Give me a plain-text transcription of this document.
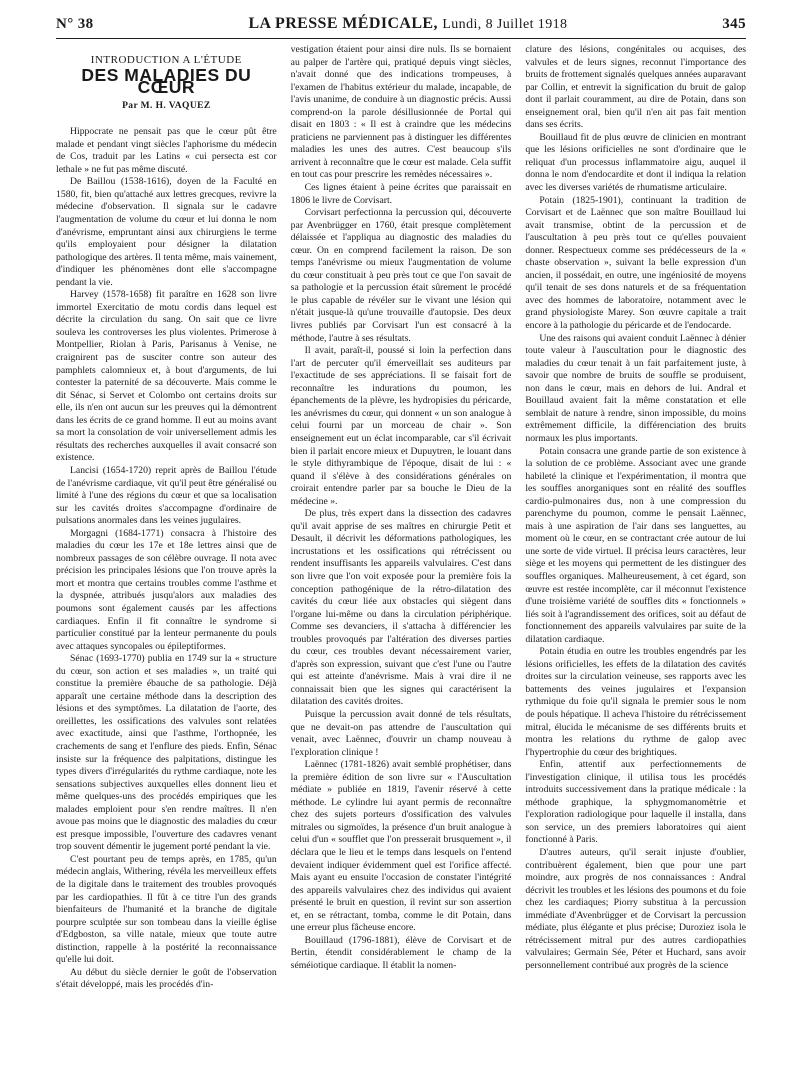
N° 38	LA PRESSE MÉDICALE, Lundi, 8 Juillet 1918	345
INTRODUCTION A L'ÉTUDE
DES MALADIES DU CŒUR
Par M. H. VAQUEZ

Hippocrate ne pensait pas que le cœur pût être malade et pendant vingt siècles l'aphorisme du médecin de Cos, traduit par les Latins « cui persecta est cor lethale » ne fut pas même discuté.

De Baillou (1538-1616), doyen de la Faculté en 1580, fit, bien qu'attaché aux lettres grecques, revivre la médecine d'observation. Il signala sur le cadavre l'augmentation de volume du cœur et lui donna le nom d'anévrisme, empruntant ainsi aux chirurgiens le terme qu'ils employaient pour désigner la dilatation pathologique des artères. Il tenta même, mais vainement, d'indiquer les phénomènes dont elle s'accompagne pendant la vie.

Harvey (1578-1658) fit paraître en 1628 son livre immortel Exercitatio de motu cordis dans lequel est décrite la circulation du sang. On sait que ce livre souleva les controverses les plus violentes. Primerose à Montpellier, Riolan à Paris, Parisanus à Venise, ne craignirent pas de susciter contre son auteur des pamphlets calomnieux et, à bout d'arguments, de lui contester la paternité de sa découverte. Mais comme le dit Sénac, si Servet et Colombo ont certains droits sur elle, ils n'en ont aucun sur les preuves qui la démontrent dans les écrits de ce grand homme. Il eut au moins avant sa mort la consolation de voir universellement admis les résultats des recherches auxquelles il avait consacré son existence.

Lancisi (1654-1720) reprit après de Baillou l'étude de l'anévrisme cardiaque, vit qu'il peut être généralisé ou limité à l'une des régions du cœur et que sa localisation sur les cavités droites s'accompagne d'ordinaire de pulsations anormales dans les veines jugulaires.

Morgagni (1684-1771) consacra à l'histoire des maladies du cœur les 17e et 18e lettres ainsi que de nombreux passages de son célèbre ouvrage. Il nota avec précision les principales lésions que l'on trouve après la mort et montra que certains troubles comme l'asthme et la dyspnée, attribués jusqu'alors aux maladies des poumons sont également causés par les affections cardiaques. Enfin il fit connaître le syndrome si particulier constitué par la lenteur permanente du pouls avec attaques syncopales ou épileptiformes.

Sénac (1693-1770) publia en 1749 sur la « structure du cœur, son action et ses maladies », un traité qui constitue la première ébauche de sa pathologie. Déjà apparaît une certaine méthode dans la description des lésions et des symptômes. La dilatation de l'aorte, des oreillettes, les ossifications des valvules sont relatées avec exactitude, ainsi que l'asthme, l'orthopnée, les crachements de sang et l'enflure des pieds. Enfin, Sénac insiste sur la fréquence des palpitations, distingue les types divers d'irrégularités du rythme cardiaque, note les sensations subjectives auxquelles elles donnent lieu et même quelques-uns des procédés empiriques que les malades emploient pour s'en rendre maîtres. Il n'en avoue pas moins que le diagnostic des maladies du cœur est presque impossible, l'ouverture des cadavres venant trop souvent démentir le jugement porté pendant la vie.

C'est pourtant peu de temps après, en 1785, qu'un médecin anglais, Withering, révéla les merveilleux effets de la digitale dans le traitement des troubles provoqués par les cardiopathies. Il fût à ce titre l'un des grands bienfaiteurs de l'humanité et la branche de digitale pourpre sculptée sur son tombeau dans la vieille église d'Edgboston, sa ville natale, mieux que toute autre distinction, rappelle à la postérité la reconnaissance qu'elle lui doit.

Au début du siècle dernier le goût de l'observation s'était développé, mais les procédés d'in-

vestigation étaient pour ainsi dire nuls. Ils se bornaient au palper de l'artère qui, pratiqué depuis vingt siècles, n'avait donné que des indications trompeuses, à l'examen de l'habitus extérieur du malade, incapable, de l'avis unanime, de conduire à un diagnostic précis. Aussi comprend-on la parole désillusionnée de Portal qui disait en 1803 : « Il est à craindre que les médecins praticiens ne parviennent pas à distinguer les différentes maladies les unes des autres. C'est beaucoup s'ils arrivent à reconnaître que le cœur est malade. Cela suffit en tout cas pour prescrire les remèdes nécessaires ».

Ces lignes étaient à peine écrites que paraissait en 1806 le livre de Corvisart.

Corvisart perfectionna la percussion qui, découverte par Avenbrügger en 1760, était presque complètement délaissée et l'appliqua au diagnostic des maladies du cœur. On en comprend facilement la raison. De son temps l'anévrisme ou mieux l'augmentation de volume du cœur constituait à peu près tout ce que l'on savait de sa pathologie et la percussion était sûrement le procédé le plus capable de révéler sur le vivant une lésion qui n'était jusque-là qu'une trouvaille d'autopsie. Des deux livres publiés par Corvisart l'un est consacré à la méthode, l'autre à ses résultats.

Il avait, paraît-il, poussé si loin la perfection dans l'art de percuter qu'il émerveillait ses auditeurs par l'exactitude de ses appréciations. Il se faisait fort de reconnaître les indurations du poumon, les épanchements de la plèvre, les hydropisies du péricarde, les anévrismes du cœur, qui donnent « un son analogue à celui fourni par un morceau de chair ». Son enseignement eut un éclat incomparable, car s'il écrivait bien il parlait encore mieux et Dupuytren, le louant dans le style dithyrambique de l'époque, disait de lui : « quand il s'élève à des considérations générales on croirait entendre parler par sa bouche le Dieu de la médecine ».

De plus, très expert dans la dissection des cadavres qu'il avait apprise de ses maîtres en chirurgie Petit et Desault, il décrivit les déformations pathologiques, les incrustations et les ossifications qui rétrécissent ou rendent insuffisants les appareils valvulaires. C'est dans son livre que l'on voit exposée pour la première fois la conception pathogénique de la rétro-dilatation des cavités du cœur liée aux obstacles qui siègent dans l'organe lui-même ou dans la circulation périphérique. Comme ses devanciers, il s'attacha à différencier les troubles provoqués par l'altération des diverses parties du cœur, ces troubles devant nécessairement varier, d'après son expression, suivant que c'est l'une ou l'autre qui est atteinte d'anévrisme. Mais à vrai dire il ne connaissait bien que les signes qui caractérisent la dilatation des cavités droites.

Puisque la percussion avait donné de tels résultats, que ne devait-on pas attendre de l'auscultation qui venait, avec Laënnec, d'ouvrir un champ nouveau à l'exploration clinique !

Laënnec (1781-1826) avait semblé prophétiser, dans la première édition de son livre sur « l'Auscultation médiate » publiée en 1819, l'avenir réservé à cette méthode. Le cylindre lui ayant permis de reconnaître chez des sujets porteurs d'ossification des valvules mitrales ou sigmoïdes, la présence d'un bruit analogue à celui d'un « soufflet que l'on presserait brusquement », il déclara que le lieu et le temps dans lesquels on l'entend devaient indiquer évidemment quel est l'orifice affecté. Mais ayant eu ensuite l'occasion de constater l'intégrité des appareils valvulaires chez des individus qui avaient présenté le bruit en question, il revint sur son assertion et, en se rétractant, tomba, comme le dit Potain, dans une erreur plus fâcheuse encore.

Bouillaud (1796-1881), élève de Corvisart et de Bertin, étendit considérablement le champ de la séméiotique cardiaque. Il établit la nomen-

clature des lésions, congénitales ou acquises, des valvules et de leurs signes, reconnut l'importance des bruits de frottement signalés quelques années auparavant par Collin, et entrevit la signification du bruit de galop dont il parlait couramment, au dire de Potain, dans son enseignement oral, bien qu'il n'en ait pas fait mention dans ses écrits.

Bouillaud fit de plus œuvre de clinicien en montrant que les lésions orificielles ne sont d'ordinaire que le reliquat d'un processus inflammatoire aigu, auquel il donna le nom d'endocardite et dont il indiqua la relation avec les diverses variétés de rhumatisme articulaire.

Potain (1825-1901), continuant la tradition de Corvisart et de Laënnec que son maître Bouillaud lui avait transmise, obtint de la percussion et de l'auscultation à peu près tout ce qu'elles pouvaient donner. Respectueux comme ses prédécesseurs de la « chaste observation », suivant la belle expression d'un ancien, il possédait, en outre, une ingéniosité de moyens qu'il tenait de ses dons naturels et de sa fréquentation avec des hommes de laboratoire, notamment avec le grand physiologiste Marey. Son œuvre capitale a trait encore à la pathologie du péricarde et de l'endocarde.

Une des raisons qui avaient conduit Laënnec à dénier toute valeur à l'auscultation pour le diagnostic des maladies du cœur tenait à un fait parfaitement juste, à savoir que nombre de bruits de souffle se produisent, non dans le cœur, mais en dehors de lui. Andral et Bouillaud avaient fait la même constatation et elle semblait de nature à rendre, sinon impossible, du moins extrêmement difficile, la différenciation des bruits normaux les plus importants.

Potain consacra une grande partie de son existence à la solution de ce problème. Associant avec une grande habileté la clinique et l'expérimentation, il montra que les souffles anorganiques sont en réalité des souffles cardio-pulmonaires dus, non à une compression du parenchyme du poumon, comme le pensait Laënnec, mais à une aspiration de l'air dans ses languettes, au moment où le cœur, en se contractant crée autour de lui une sorte de vide virtuel. Il précisa leurs caractères, leur siège et les moyens qui permettent de les distinguer des souffles organiques. Malheureusement, à cet égard, son œuvre est restée incomplète, car il méconnut l'existence d'une troisième variété de souffles dits « fonctionnels » liés soit à l'agrandissement des orifices, soit au défaut de fonctionnement des appareils valvulaires par suite de la dilatation cardiaque.

Potain étudia en outre les troubles engendrés par les lésions orificielles, les effets de la dilatation des cavités droites sur la circulation veineuse, ses rapports avec les battements des veines jugulaires et l'expansion rythmique du foie qu'il signala le premier sous le nom de pouls hépatique. Il acheva l'histoire du rétrécissement mitral, élucida le mécanisme de ses différents bruits et montra les relations du rythme de galop avec l'hypertrophie du cœur des brightiques.

Enfin, attentif aux perfectionnements de l'investigation clinique, il utilisa tous les procédés introduits successivement dans la pratique médicale : la méthode graphique, la sphygmomanomètrie et l'exploration radiologique pour laquelle il installa, dans son service, un des premiers laboratoires qui aient fonctionné à Paris.

D'autres auteurs, qu'il serait injuste d'oublier, contribuèrent également, bien que pour une part moindre, aux progrès de nos connaissances : Andral décrivit les troubles et les lésions des poumons et du foie chez les cardiaques; Piorry substitua à la percussion immédiate d'Avenbrügger et de Corvisart la percussion médiate, plus élégante et plus précise; Duroziez isola le rétrécissement mitral pur des autres cardiopathies valvulaires; Germain Sée, Péter et Huchard, sans avoir personnellement contribué aux progrès de la science
